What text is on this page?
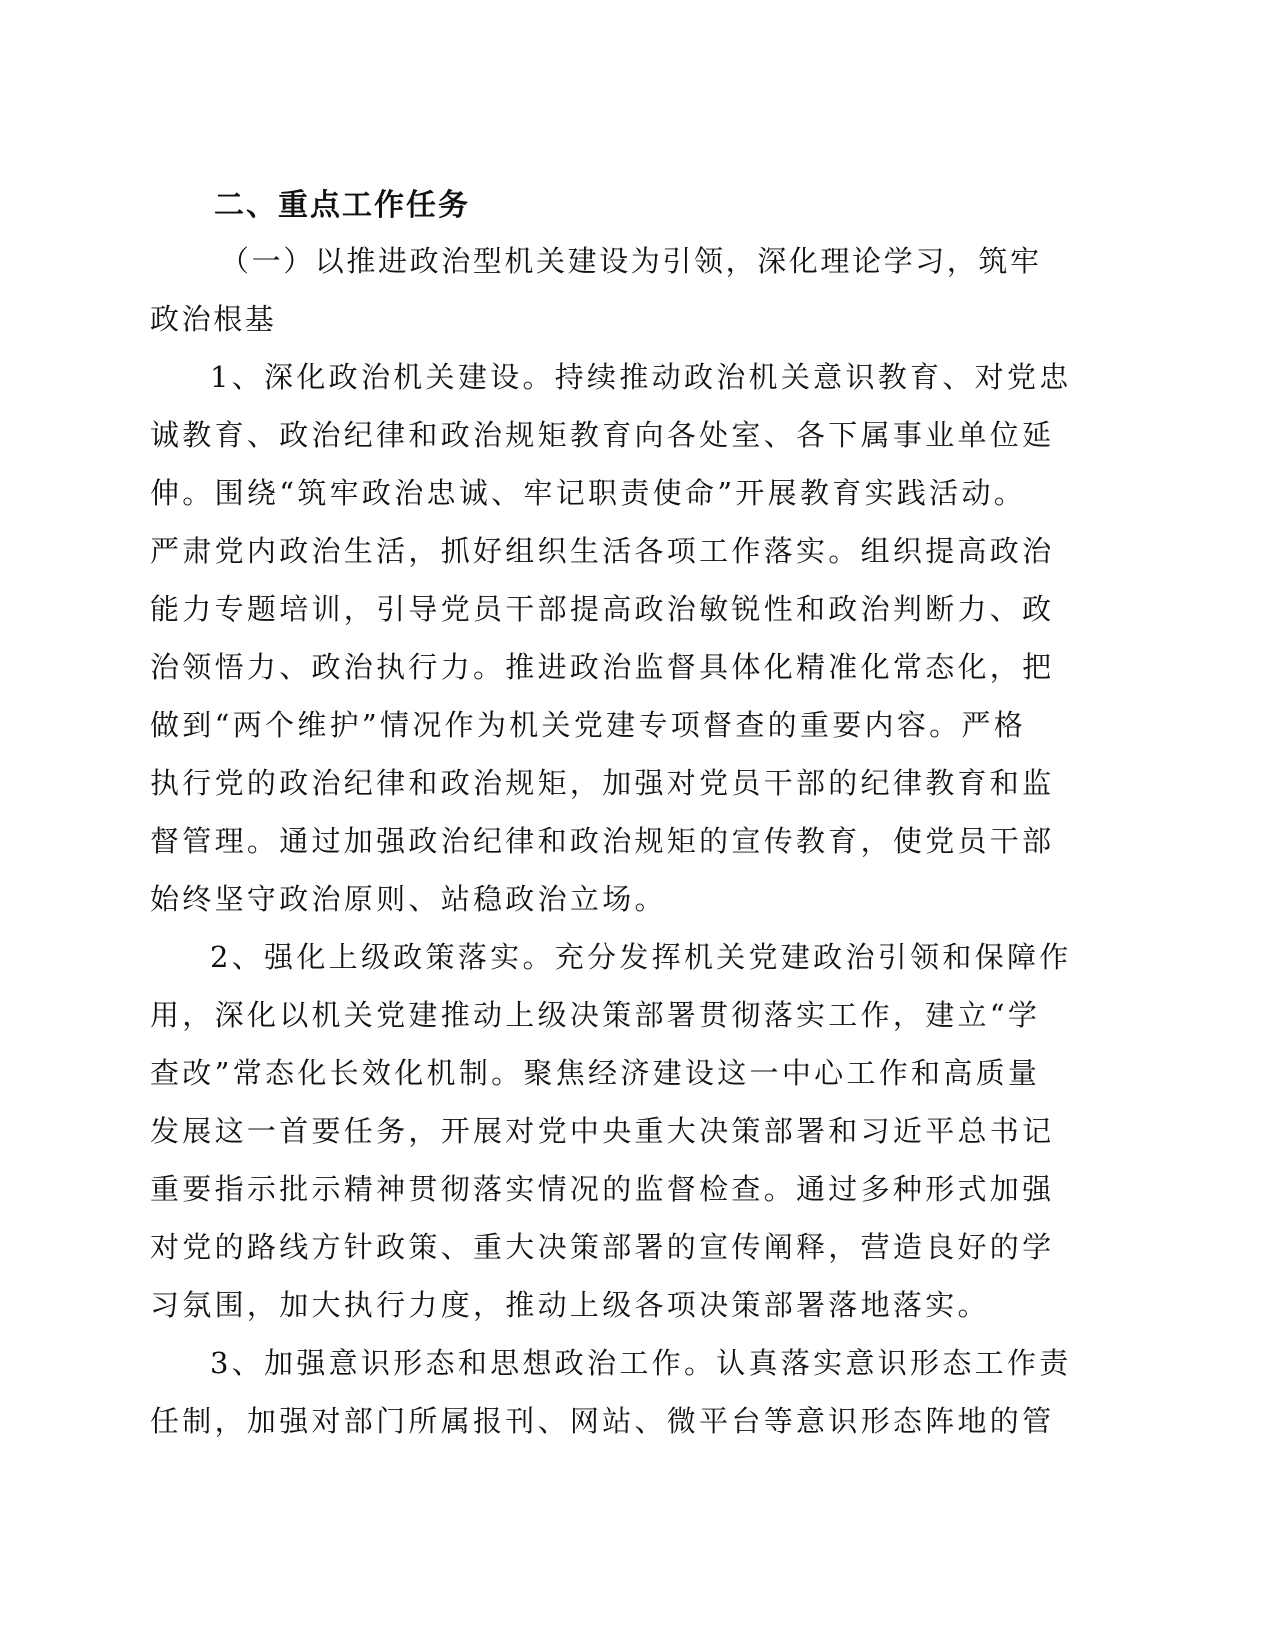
二、重点工作任务
（一）以推进政治型机关建设为引领，深化理论学习，筑牢
政治根基
1、深化政治机关建设。持续推动政治机关意识教育、对党忠
诚教育、政治纪律和政治规矩教育向各处室、各下属事业单位延
伸。围绕“筑牢政治忠诚、牢记职责使命”开展教育实践活动。
严肃党内政治生活，抓好组织生活各项工作落实。组织提高政治
能力专题培训，引导党员干部提高政治敏锐性和政治判断力、政
治领悟力、政治执行力。推进政治监督具体化精准化常态化，把
做到“两个维护”情况作为机关党建专项督查的重要内容。严格
执行党的政治纪律和政治规矩，加强对党员干部的纪律教育和监
督管理。通过加强政治纪律和政治规矩的宣传教育，使党员干部
始终坚守政治原则、站稳政治立场。
2、强化上级政策落实。充分发挥机关党建政治引领和保障作
用，深化以机关党建推动上级决策部署贯彻落实工作，建立“学
查改”常态化长效化机制。聚焦经济建设这一中心工作和高质量
发展这一首要任务，开展对党中央重大决策部署和习近平总书记
重要指示批示精神贯彻落实情况的监督检查。通过多种形式加强
对党的路线方针政策、重大决策部署的宣传阐释，营造良好的学
习氛围，加大执行力度，推动上级各项决策部署落地落实。
3、加强意识形态和思想政治工作。认真落实意识形态工作责
任制，加强对部门所属报刊、网站、微平台等意识形态阵地的管
